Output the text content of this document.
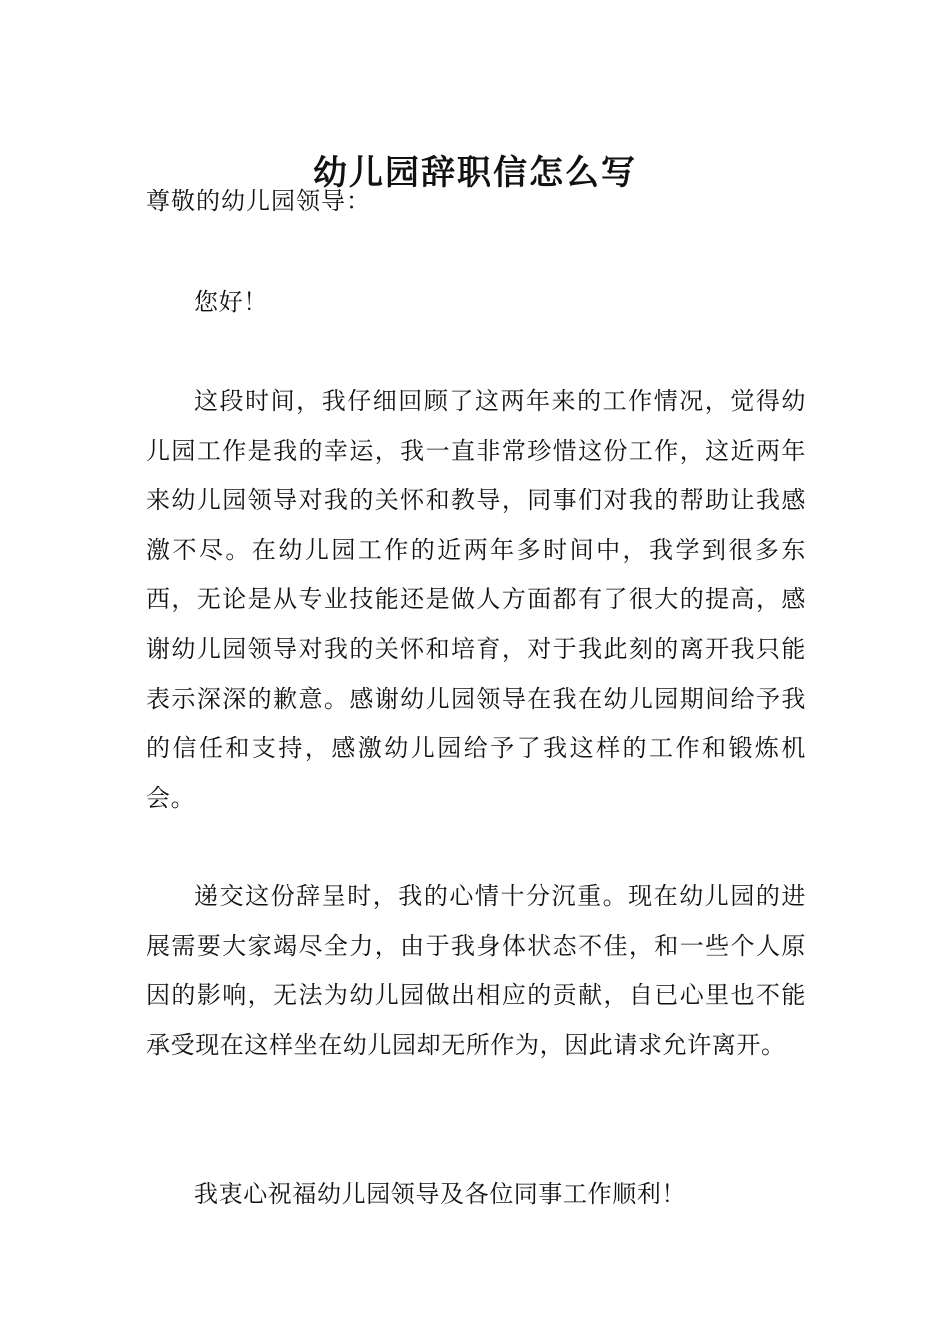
幼儿园辞职信怎么写
尊敬的幼儿园领导：

您好！

这段时间，我仔细回顾了这两年来的工作情况，觉得幼儿园工作是我的幸运，我一直非常珍惜这份工作，这近两年来幼儿园领导对我的关怀和教导，同事们对我的帮助让我感激不尽。在幼儿园工作的近两年多时间中，我学到很多东西，无论是从专业技能还是做人方面都有了很大的提高，感谢幼儿园领导对我的关怀和培育，对于我此刻的离开我只能表示深深的歉意。感谢幼儿园领导在我在幼儿园期间给予我的信任和支持，感激幼儿园给予了我这样的工作和锻炼机会。

递交这份辞呈时，我的心情十分沉重。现在幼儿园的进展需要大家竭尽全力，由于我身体状态不佳，和一些个人原因的影响，无法为幼儿园做出相应的贡献，自已心里也不能承受现在这样坐在幼儿园却无所作为，因此请求允许离开。

我衷心祝福幼儿园领导及各位同事工作顺利！
